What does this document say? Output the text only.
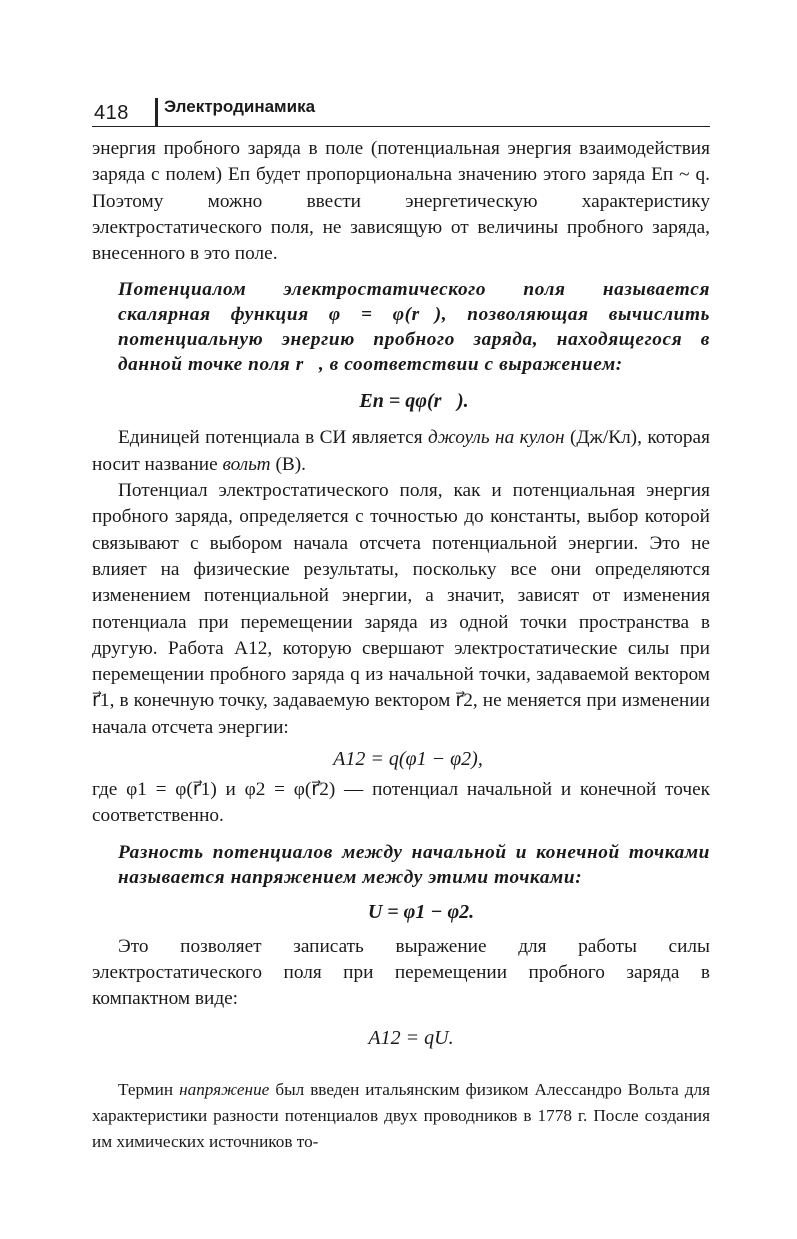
418 Электродинамика

энергия пробного заряда в поле (потенциальная энергия взаимодействия заряда с полем) Eп будет пропорциональна значению этого заряда Eп ~ q. Поэтому можно ввести энергетическую характеристику электростатического поля, не зависящую от величины пробного заряда, внесенного в это поле.

Потенциалом электростатического поля называется скалярная функция φ = φ(r⃗), позволяющая вычислить потенциальную энергию пробного заряда, находящегося в данной точке поля r⃗, в соответствии с выражением:

Eп = qφ(r⃗).

Единицей потенциала в СИ является джоуль на кулон (Дж/Кл), которая носит название вольт (В).

Потенциал электростатического поля, как и потенциальная энергия пробного заряда, определяется с точностью до константы, выбор которой связывают с выбором начала отсчета потенциальной энергии. Это не влияет на физические результаты, поскольку все они определяются изменением потенциальной энергии, а значит, зависят от изменения потенциала при перемещении заряда из одной точки пространства в другую. Работа A12, которую свершают электростатические силы при перемещении пробного заряда q из начальной точки, задаваемой вектором r⃗1, в конечную точку, задаваемую вектором r⃗2, не меняется при изменении начала отсчета энергии:

A12 = q(φ1 − φ2),

где φ1 = φ(r⃗1) и φ2 = φ(r⃗2) — потенциал начальной и конечной точек соответственно.

Разность потенциалов между начальной и конечной точками называется напряжением между этими точками:

U = φ1 − φ2.

Это позволяет записать выражение для работы силы электростатического поля при перемещении пробного заряда в компактном виде:

A12 = qU.

Термин напряжение был введен итальянским физиком Алессандро Вольта для характеристики разности потенциалов двух проводников в 1778 г. После создания им химических источников то-
